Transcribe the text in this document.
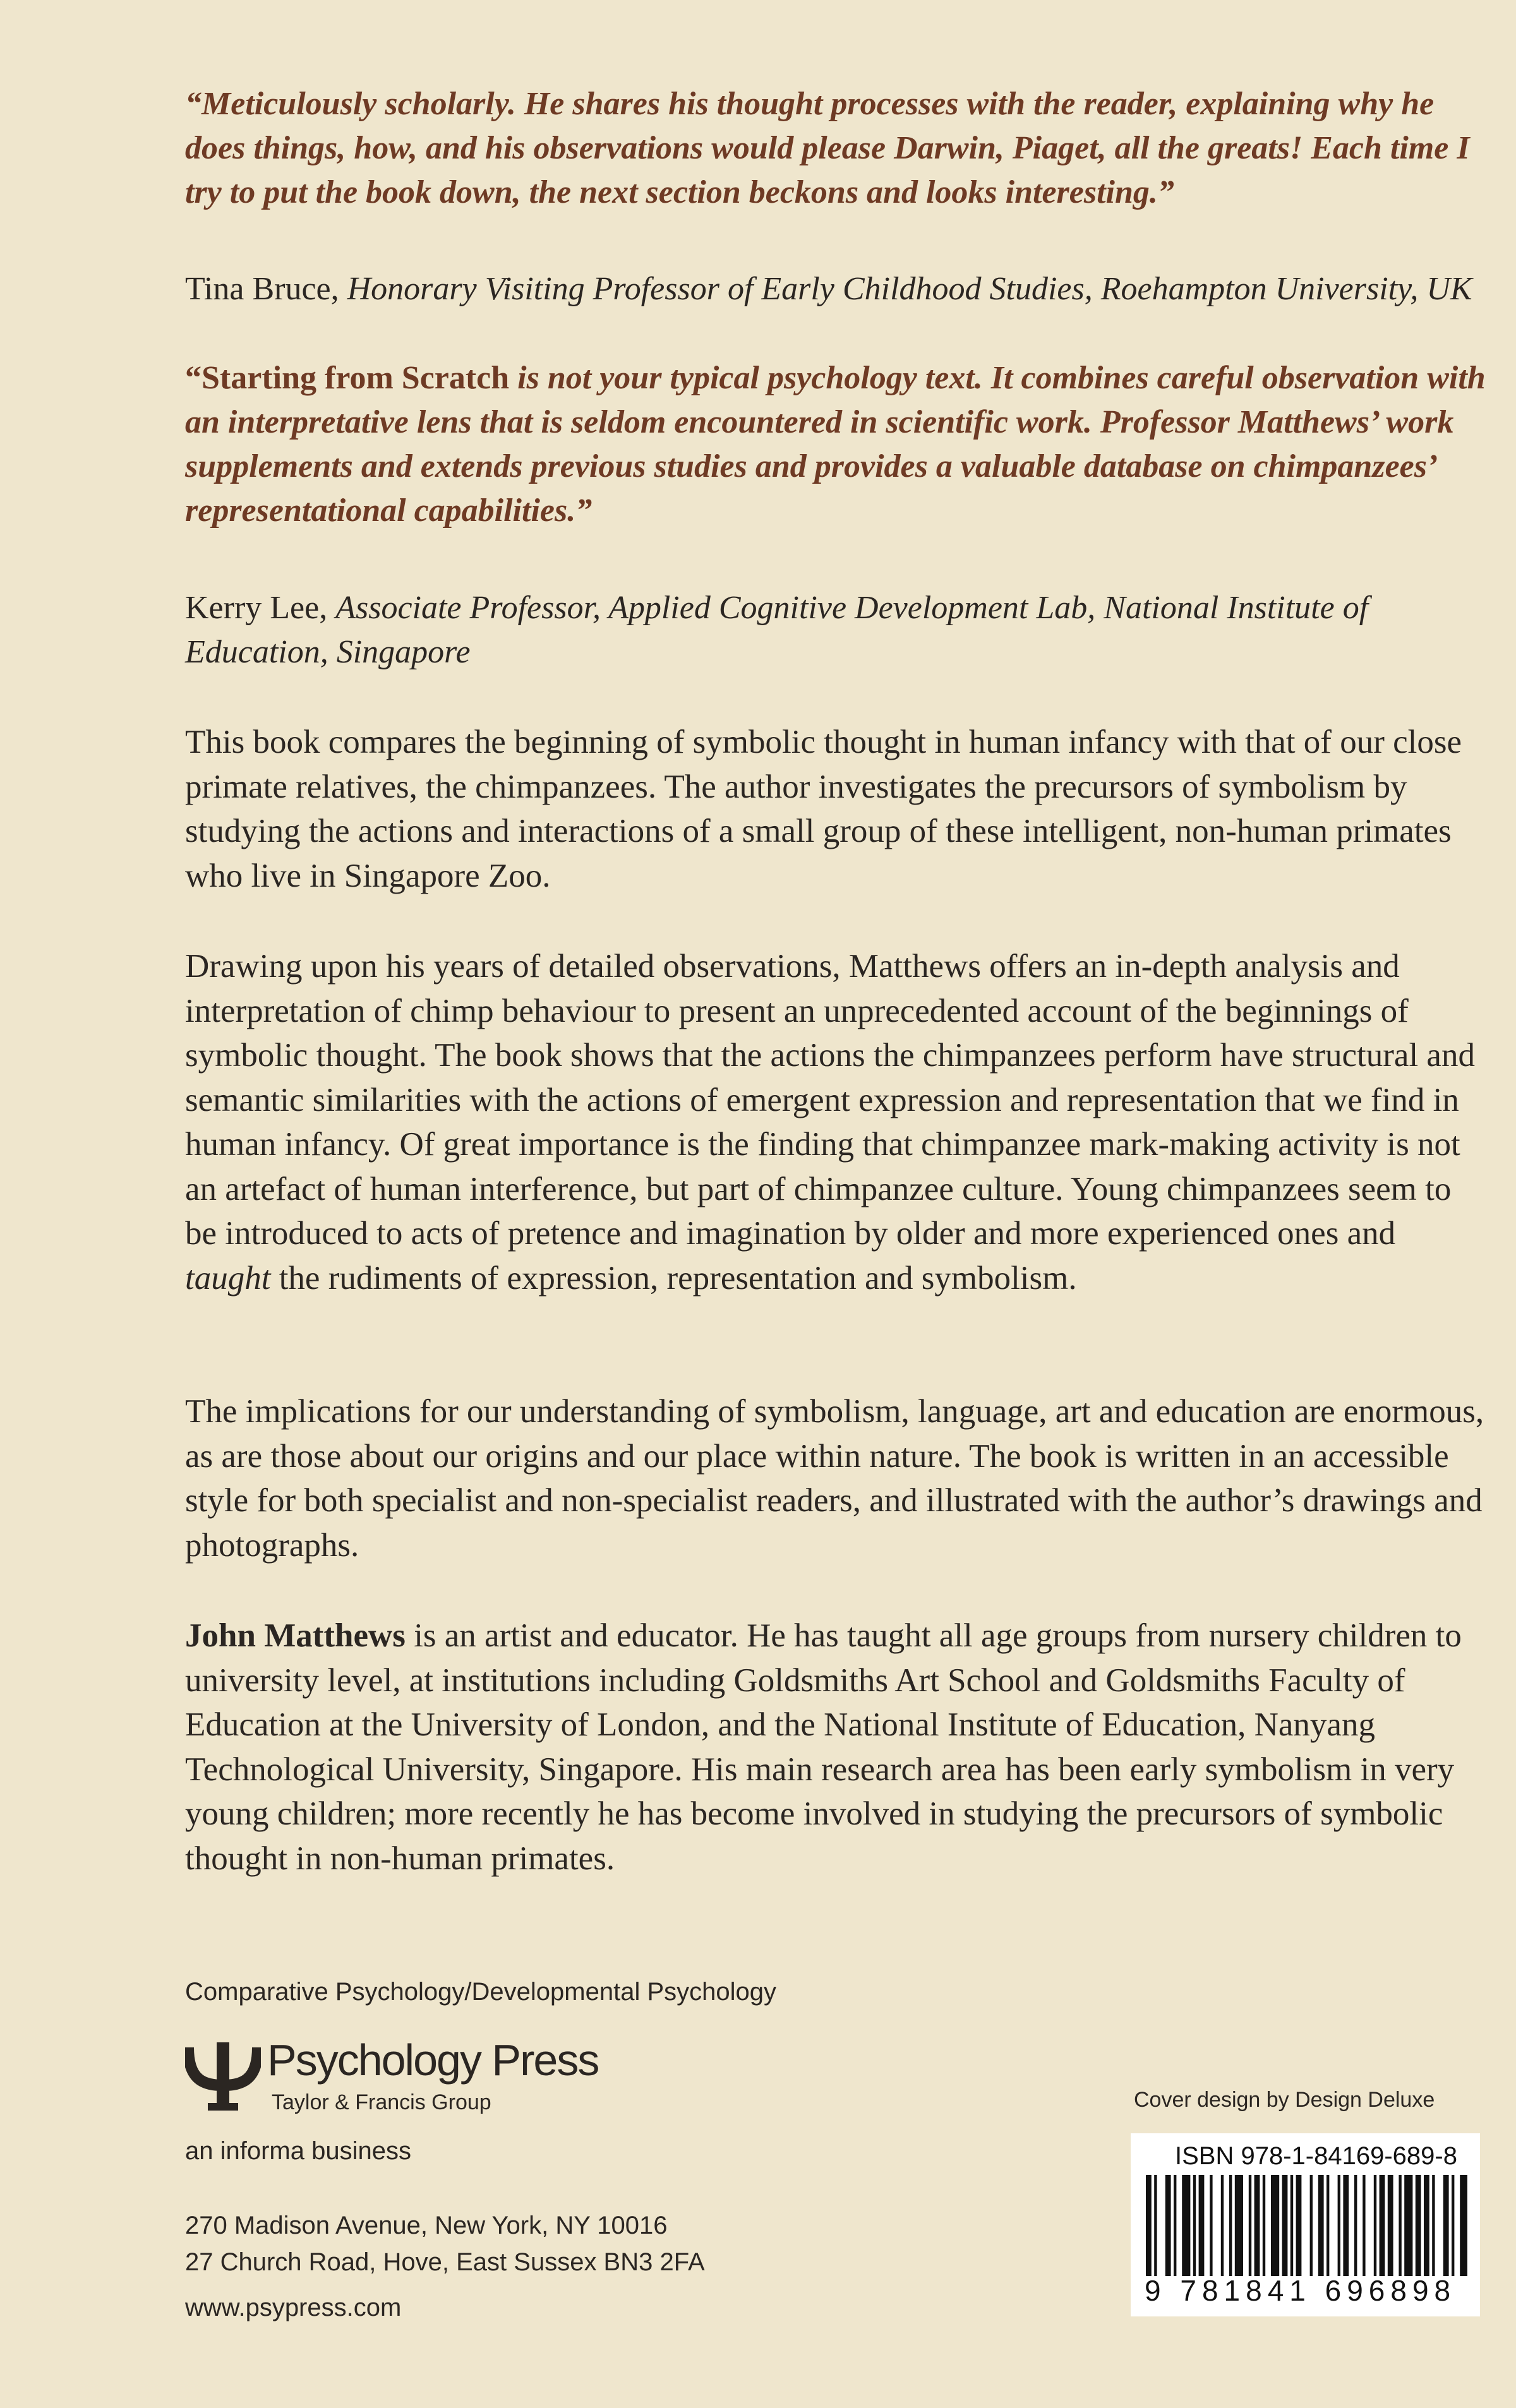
“Meticulously scholarly. He shares his thought processes with the reader, explaining why he does things, how, and his observations would please Darwin, Piaget, all the greats! Each time I try to put the book down, the next section beckons and looks interesting.”

Tina Bruce, Honorary Visiting Professor of Early Childhood Studies, Roehampton University, UK

“Starting from Scratch is not your typical psychology text. It combines careful observation with an interpretative lens that is seldom encountered in scientific work. Professor Matthews’ work supplements and extends previous studies and provides a valuable database on chimpanzees’ representational capabilities.”

Kerry Lee, Associate Professor, Applied Cognitive Development Lab, National Institute of Education, Singapore

This book compares the beginning of symbolic thought in human infancy with that of our close primate relatives, the chimpanzees. The author investigates the precursors of symbolism by studying the actions and interactions of a small group of these intelligent, non-human primates who live in Singapore Zoo.

Drawing upon his years of detailed observations, Matthews offers an in-depth analysis and interpretation of chimp behaviour to present an unprecedented account of the beginnings of symbolic thought. The book shows that the actions the chimpanzees perform have structural and semantic similarities with the actions of emergent expression and representation that we find in human infancy. Of great importance is the finding that chimpanzee mark-making activity is not an artefact of human interference, but part of chimpanzee culture. Young chimpanzees seem to be introduced to acts of pretence and imagination by older and more experienced ones and taught the rudiments of expression, representation and symbolism.

The implications for our understanding of symbolism, language, art and education are enormous, as are those about our origins and our place within nature. The book is written in an accessible style for both specialist and non-specialist readers, and illustrated with the author’s drawings and photographs.

John Matthews is an artist and educator. He has taught all age groups from nursery children to university level, at institutions including Goldsmiths Art School and Goldsmiths Faculty of Education at the University of London, and the National Institute of Education, Nanyang Technological University, Singapore. His main research area has been early symbolism in very young children; more recently he has become involved in studying the precursors of symbolic thought in non-human primates.

Comparative Psychology/Developmental Psychology
Psychology Press
Taylor & Francis Group
an informa business
270 Madison Avenue, New York, NY 10016
27 Church Road, Hove, East Sussex BN3 2FA
www.psypress.com
Cover design by Design Deluxe
ISBN 978-1-84169-689-8
9 781841 696898
